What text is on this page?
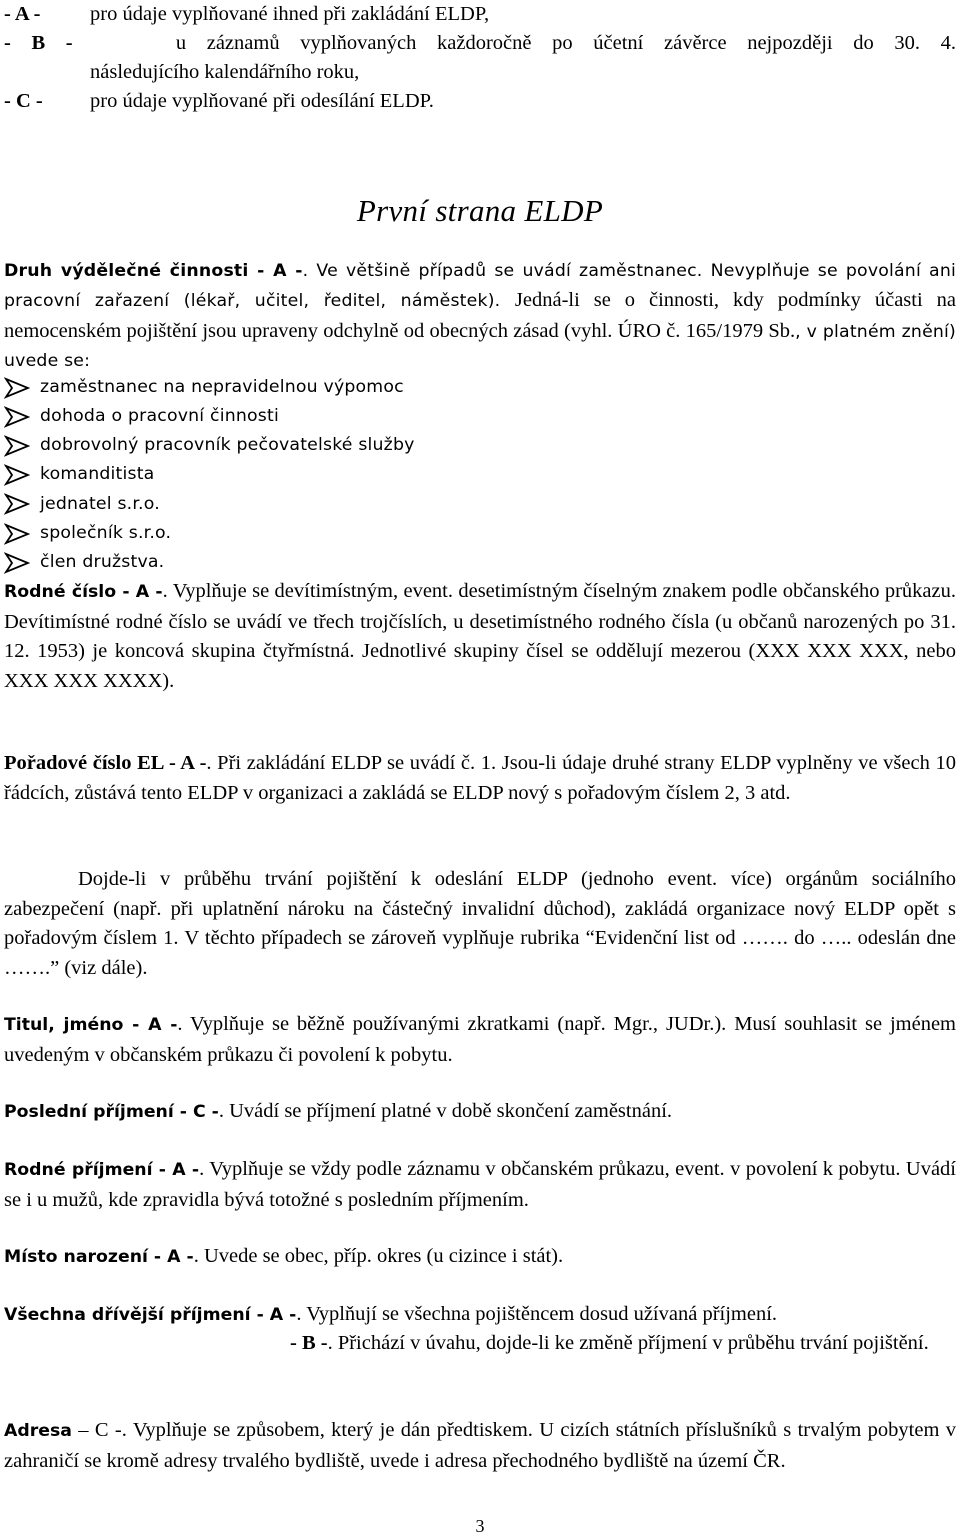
- A - pro údaje vyplňované ihned při zakládání ELDP,
- B -	u záznamů vyplňovaných každoročně po účetní závěrce nejpozději do 30. 4.
následujícího kalendářního roku,
- C - pro údaje vyplňované při odesílání ELDP.
První strana ELDP

Druh výdělečné činnosti - A -. Ve většině případů se uvádí zaměstnanec. Nevyplňuje se povolání ani pracovní zařazení (lékař, učitel, ředitel, náměstek). Jedná-li se o činnosti, kdy podmínky účasti na nemocenském pojištění jsou upraveny odchylně od obecných zásad (vyhl. ÚRO č. 165/1979 Sb., v platném znění) uvede se:

zaměstnanec na nepravidelnou výpomoc
dohoda o pracovní činnosti
dobrovolný pracovník pečovatelské služby
komanditista
jednatel s.r.o.
společník s.r.o.
člen družstva.

Rodné číslo - A -. Vyplňuje se devítimístným, event. desetimístným číselným znakem podle občanského průkazu. Devítimístné rodné číslo se uvádí ve třech trojčíslích, u desetimístného rodného čísla (u občanů narozených po 31. 12. 1953) je koncová skupina čtyřmístná. Jednotlivé skupiny čísel se oddělují mezerou (XXX XXX XXX, nebo XXX XXX XXXX).

Pořadové číslo EL - A -. Při zakládání ELDP se uvádí č. 1. Jsou-li údaje druhé strany ELDP vyplněny ve všech 10 řádcích, zůstává tento ELDP v organizaci a zakládá se ELDP nový s pořadovým číslem 2, 3 atd.

Dojde-li v průběhu trvání pojištění k odeslání ELDP (jednoho event. více) orgánům sociálního zabezpečení (např. při uplatnění nároku na částečný invalidní důchod), zakládá organizace nový ELDP opět s pořadovým číslem 1. V těchto případech se zároveň vyplňuje rubrika “Evidenční list od ……. do ….. odeslán dne …….” (viz dále).

Titul, jméno - A -. Vyplňuje se běžně používanými zkratkami (např. Mgr., JUDr.). Musí souhlasit se jménem uvedeným v občanském průkazu či povolení k pobytu.

Poslední příjmení - C -. Uvádí se příjmení platné v době skončení zaměstnání.

Rodné příjmení - A -. Vyplňuje se vždy podle záznamu v občanském průkazu, event. v povolení k pobytu. Uvádí se i u mužů, kde zpravidla bývá totožné s posledním příjmením.

Místo narození - A -. Uvede se obec, příp. okres (u cizince i stát).

Všechna dřívější příjmení - A -. Vyplňují se všechna pojištěncem dosud užívaná příjmení.

- B -. Přichází v úvahu, dojde-li ke změně příjmení v průběhu trvání pojištění.

Adresa – C -. Vyplňuje se způsobem, který je dán předtiskem. U cizích státních příslušníků s trvalým pobytem v zahraničí se kromě adresy trvalého bydliště, uvede i adresa přechodného bydliště na území ČR.

3
